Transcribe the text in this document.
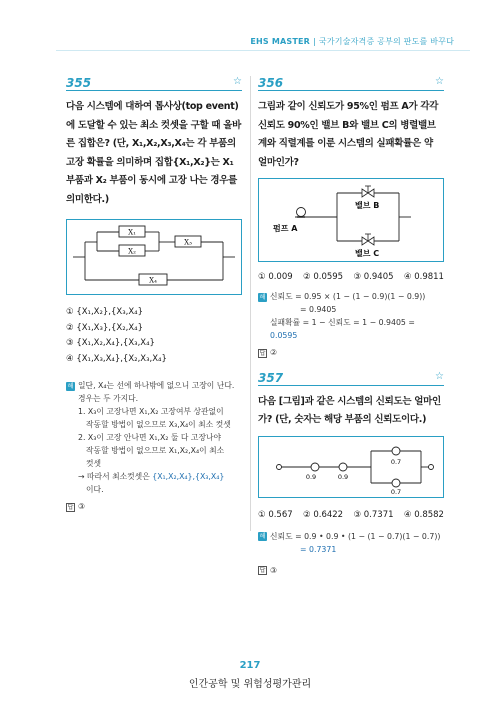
EHS MASTER | 국가기술자격증 공부의 판도를 바꾸다
355	☆
다음 시스템에 대하여 톱사상(top event)에 도달할 수 있는 최소 컷셋을 구할 때 올바른 집합은? (단, X₁,X₂,X₃,X₄는 각 부품의 고장 확률을 의미하며 집합{X₁,X₂}는 X₁부품과 X₂ 부품이 동시에 고장 나는 경우를 의미한다.)
X₁
X₂
X₃
X₄
① {X₁,X₂},{X₃,X₄}
② {X₁,X₃},{X₂,X₄}
③ {X₁,X₂,X₄},{X₃,X₄}
④ {X₁,X₃,X₄},{X₂,X₃,X₄}
해 일단, X₄는 선에 하나밖에 없으니 고장이 난다.
경우는 두 가지다.
1. X₃이 고장나면 X₁,X₂ 고장여부 상관없이
작동할 방법이 없으므로 X₃,X₄이 최소 컷셋
2. X₃이 고장 안나면 X₁,X₂ 둘 다 고장나야
작동할 방법이 없으므로 X₁,X₂,X₄이 최소
컷셋
→ 따라서 최소컷셋은 {X₁,X₂,X₄},{X₃,X₄}
이다.
답 ③
356	☆
그림과 같이 신뢰도가 95%인 펌프 A가 각각 신뢰도 90%인 밸브 B와 밸브 C의 병렬밸브계와 직렬계를 이룬 시스템의 실패확률은 약 얼마인가?
펌프 A
밸브 B
밸브 C
① 0.009 ② 0.0595 ③ 0.9405 ④ 0.9811
해 신뢰도 = 0.95 × (1 − (1 − 0.9)(1 − 0.9))
= 0.9405
실패확률 = 1 − 신뢰도 = 1 − 0.9405 = 0.0595
답 ②
357	☆
다음 [그림]과 같은 시스템의 신뢰도는 얼마인가? (단, 숫자는 해당 부품의 신뢰도이다.)
0.9	0.9
0.7
0.7
① 0.567 ② 0.6422 ③ 0.7371 ④ 0.8582
해 신뢰도 = 0.9 • 0.9 • (1 − (1 − 0.7)(1 − 0.7))
= 0.7371
답 ③
217
인간공학 및 위험성평가관리
